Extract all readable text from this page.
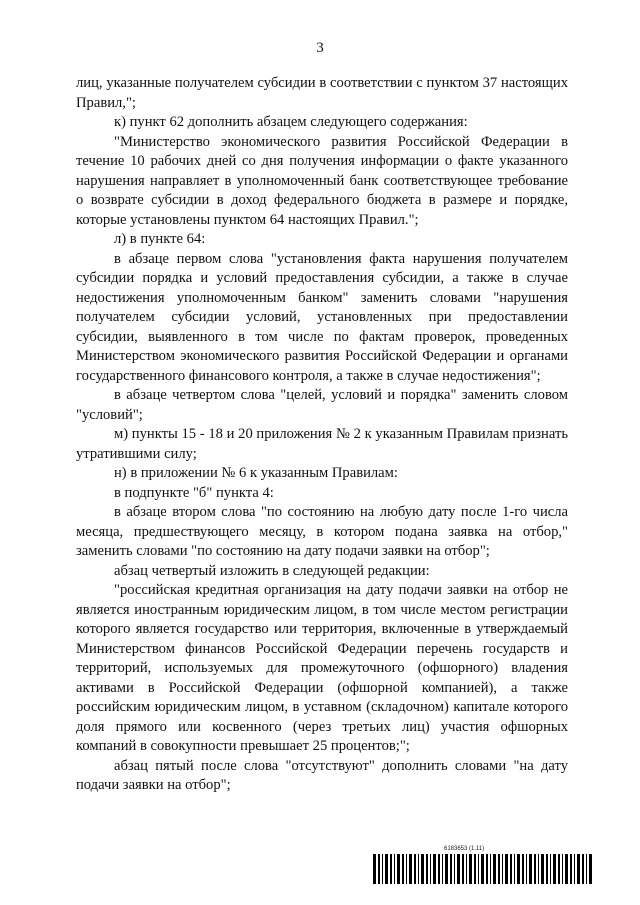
3

лиц, указанные получателем субсидии в соответствии с пунктом 37 настоящих Правил,";

к) пункт 62 дополнить абзацем следующего содержания:

"Министерство экономического развития Российской Федерации в течение 10 рабочих дней со дня получения информации о факте указанного нарушения направляет в уполномоченный банк соответствующее требование о возврате субсидии в доход федерального бюджета в размере и порядке, которые установлены пунктом 64 настоящих Правил.";

л) в пункте 64:

в абзаце первом слова "установления факта нарушения получателем субсидии порядка и условий предоставления субсидии, а также в случае недостижения уполномоченным банком" заменить словами "нарушения получателем субсидии условий, установленных при предоставлении субсидии, выявленного в том числе по фактам проверок, проведенных Министерством экономического развития Российской Федерации и органами государственного финансового контроля, а также в случае недостижения";

в абзаце четвертом слова "целей, условий и порядка" заменить словом "условий";

м) пункты 15 - 18 и 20 приложения № 2 к указанным Правилам признать утратившими силу;

н) в приложении № 6 к указанным Правилам:

в подпункте "б" пункта 4:

в абзаце втором слова "по состоянию на любую дату после 1-го числа месяца, предшествующего месяцу, в котором подана заявка на отбор," заменить словами "по состоянию на дату подачи заявки на отбор";

абзац четвертый изложить в следующей редакции:

"российская кредитная организация на дату подачи заявки на отбор не является иностранным юридическим лицом, в том числе местом регистрации которого является государство или территория, включенные в утверждаемый Министерством финансов Российской Федерации перечень государств и территорий, используемых для промежуточного (офшорного) владения активами в Российской Федерации (офшорной компанией), а также российским юридическим лицом, в уставном (складочном) капитале которого доля прямого или косвенного (через третьих лиц) участия офшорных компаний в совокупности превышает 25 процентов;";

абзац пятый после слова "отсутствуют" дополнить словами "на дату подачи заявки на отбор";

6183653 (1.11)
